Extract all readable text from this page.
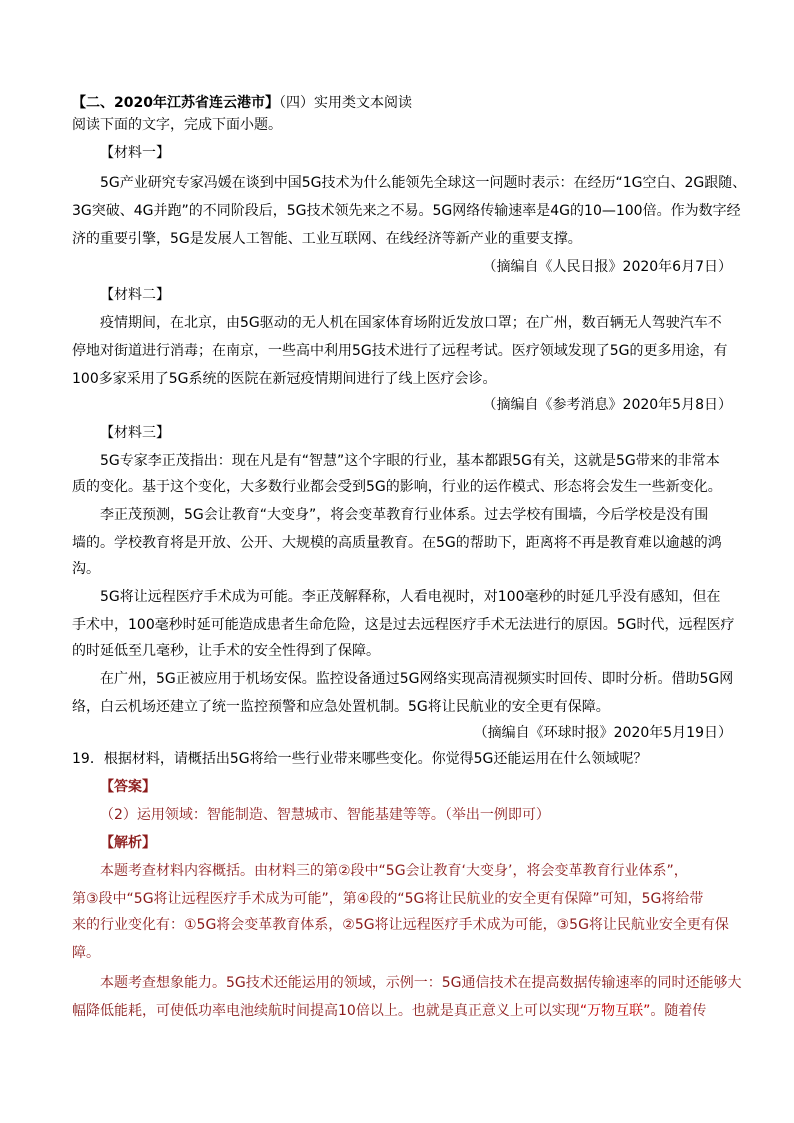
【二、2020年江苏省连云港市】（四）实用类文本阅读
阅读下面的文字，完成下面小题。
【材料一】
5G产业研究专家冯媛在谈到中国5G技术为什么能领先全球这一问题时表示：在经历“1G空白、2G跟随、
3G突破、4G并跑”的不同阶段后，5G技术领先来之不易。5G网络传输速率是4G的10—100倍。作为数字经
济的重要引擎，5G是发展人工智能、工业互联网、在线经济等新产业的重要支撑。
（摘编自《人民日报》2020年6月7日）
【材料二】
疫情期间，在北京，由5G驱动的无人机在国家体育场附近发放口罩；在广州，数百辆无人驾驶汽车不
停地对街道进行消毒；在南京，一些高中利用5G技术进行了远程考试。医疗领域发现了5G的更多用途，有
100多家采用了5G系统的医院在新冠疫情期间进行了线上医疗会诊。
（摘编自《参考消息》2020年5月8日）
【材料三】
5G专家李正茂指出：现在凡是有“智慧”这个字眼的行业，基本都跟5G有关，这就是5G带来的非常本
质的变化。基于这个变化，大多数行业都会受到5G的影响，行业的运作模式、形态将会发生一些新变化。
李正茂预测，5G会让教育“大变身”，将会变革教育行业体系。过去学校有围墙，今后学校是没有围
墙的。学校教育将是开放、公开、大规模的高质量教育。在5G的帮助下，距离将不再是教育难以逾越的鸿
沟。
5G将让远程医疗手术成为可能。李正茂解释称，人看电视时，对100毫秒的时延几乎没有感知，但在
手术中，100毫秒时延可能造成患者生命危险，这是过去远程医疗手术无法进行的原因。5G时代，远程医疗
的时延低至几毫秒，让手术的安全性得到了保障。
在广州，5G正被应用于机场安保。监控设备通过5G网络实现高清视频实时回传、即时分析。借助5G网
络，白云机场还建立了统一监控预警和应急处置机制。5G将让民航业的安全更有保障。
（摘编自《环球时报》2020年5月19日）
19．根据材料，请概括出5G将给一些行业带来哪些变化。你觉得5G还能运用在什么领域呢？
【答案】
（2）运用领域：智能制造、智慧城市、智能基建等等。（举出一例即可）
【解析】
本题考查材料内容概括。由材料三的第②段中“5G会让教育‘大变身’，将会变革教育行业体系”，
第③段中“5G将让远程医疗手术成为可能”，第④段的“5G将让民航业的安全更有保障”可知，5G将给带
来的行业变化有：①5G将会变革教育体系，②5G将让远程医疗手术成为可能，③5G将让民航业安全更有保
障。
本题考查想象能力。5G技术还能运用的领域，示例一：5G通信技术在提高数据传输速率的同时还能够大
幅降低能耗，可使低功率电池续航时间提高10倍以上。也就是真正意义上可以实现“万物互联”。随着传
